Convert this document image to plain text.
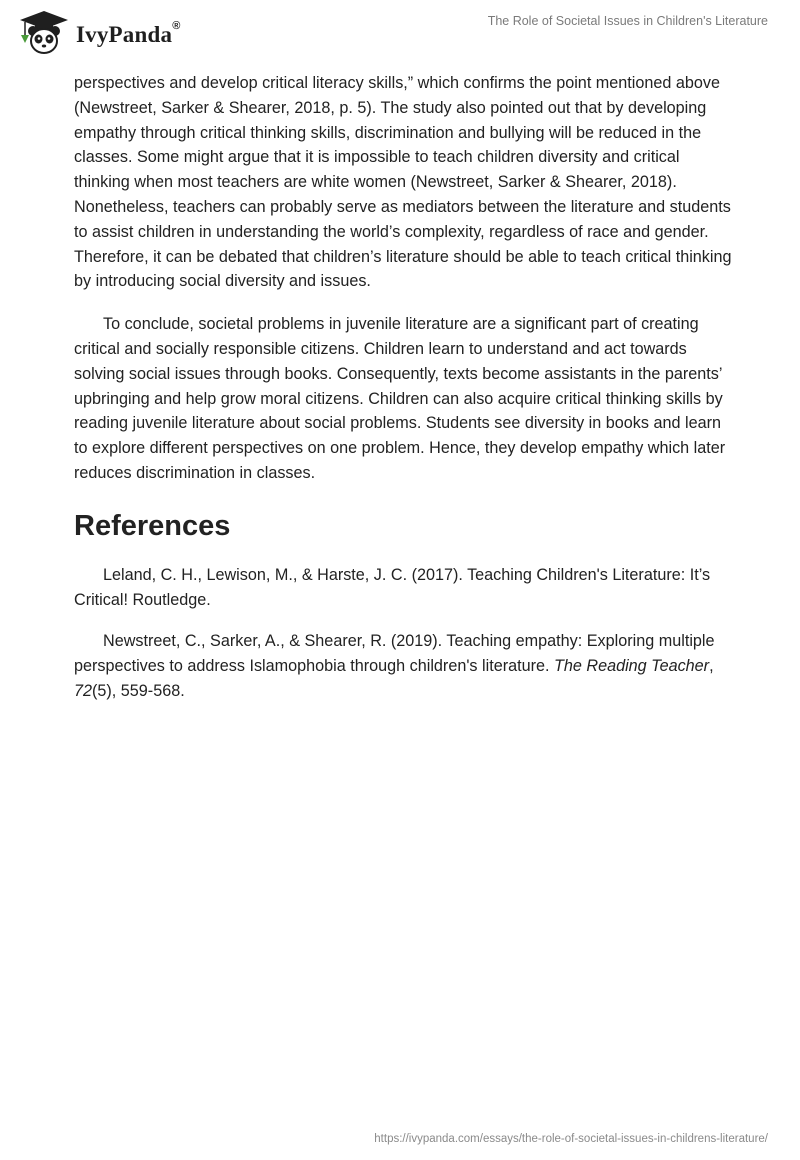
IvyPanda®	The Role of Societal Issues in Children's Literature

perspectives and develop critical literacy skills,” which confirms the point mentioned above (Newstreet, Sarker & Shearer, 2018, p. 5). The study also pointed out that by developing empathy through critical thinking skills, discrimination and bullying will be reduced in the classes. Some might argue that it is impossible to teach children diversity and critical thinking when most teachers are white women (Newstreet, Sarker & Shearer, 2018). Nonetheless, teachers can probably serve as mediators between the literature and students to assist children in understanding the world’s complexity, regardless of race and gender. Therefore, it can be debated that children’s literature should be able to teach critical thinking by introducing social diversity and issues.

To conclude, societal problems in juvenile literature are a significant part of creating critical and socially responsible citizens. Children learn to understand and act towards solving social issues through books. Consequently, texts become assistants in the parents’ upbringing and help grow moral citizens. Children can also acquire critical thinking skills by reading juvenile literature about social problems. Students see diversity in books and learn to explore different perspectives on one problem. Hence, they develop empathy which later reduces discrimination in classes.

References

Leland, C. H., Lewison, M., & Harste, J. C. (2017). Teaching Children's Literature: It’s Critical! Routledge.

Newstreet, C., Sarker, A., & Shearer, R. (2019). Teaching empathy: Exploring multiple perspectives to address Islamophobia through children's literature. The Reading Teacher, 72(5), 559-568.

https://ivypanda.com/essays/the-role-of-societal-issues-in-childrens-literature/
